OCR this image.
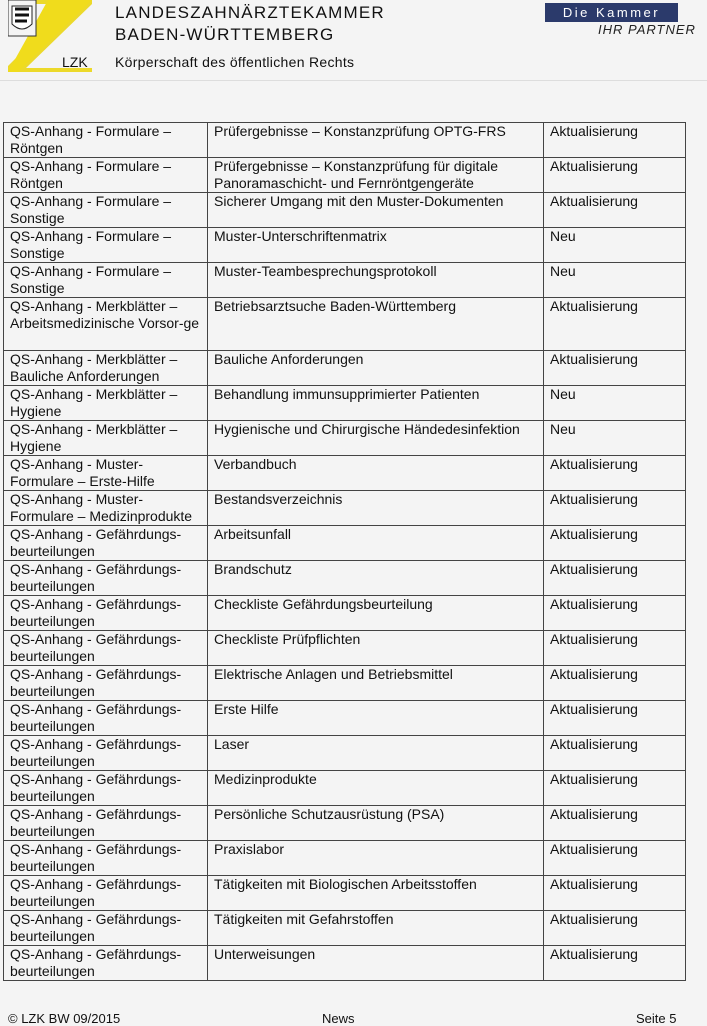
LZK
LANDESZAHNÄRZTEKAMMER
BADEN-WÜRTTEMBERG
Körperschaft des öffentlichen Rechts
Die Kammer
IHR PARTNER
QS-Anhang - Formulare – Röntgen	Prüfergebnisse – Konstanzprüfung OPTG-FRS	Aktualisierung
QS-Anhang - Formulare – Röntgen	Prüfergebnisse – Konstanzprüfung für digitale Panoramaschicht- und Fernröntgengeräte	Aktualisierung
QS-Anhang - Formulare – Sonstige	Sicherer Umgang mit den Muster-Dokumenten	Aktualisierung
QS-Anhang - Formulare – Sonstige	Muster-Unterschriftenmatrix	Neu
QS-Anhang - Formulare – Sonstige	Muster-Teambesprechungsprotokoll	Neu
QS-Anhang - Merkblätter – Arbeitsmedizinische Vorsor-ge	Betriebsarztsuche Baden-Württemberg	Aktualisierung
QS-Anhang - Merkblätter – Bauliche Anforderungen	Bauliche Anforderungen	Aktualisierung
QS-Anhang - Merkblätter – Hygiene	Behandlung immunsupprimierter Patienten	Neu
QS-Anhang - Merkblätter – Hygiene	Hygienische und Chirurgische Händedesinfektion	Neu
QS-Anhang - Muster-Formulare – Erste-Hilfe	Verbandbuch	Aktualisierung
QS-Anhang - Muster-Formulare – Medizinprodukte	Bestandsverzeichnis	Aktualisierung
QS-Anhang - Gefährdungs-beurteilungen	Arbeitsunfall	Aktualisierung
QS-Anhang - Gefährdungs-beurteilungen	Brandschutz	Aktualisierung
QS-Anhang - Gefährdungs-beurteilungen	Checkliste Gefährdungsbeurteilung	Aktualisierung
QS-Anhang - Gefährdungs-beurteilungen	Checkliste Prüfpflichten	Aktualisierung
QS-Anhang - Gefährdungs-beurteilungen	Elektrische Anlagen und Betriebsmittel	Aktualisierung
QS-Anhang - Gefährdungs-beurteilungen	Erste Hilfe	Aktualisierung
QS-Anhang - Gefährdungs-beurteilungen	Laser	Aktualisierung
QS-Anhang - Gefährdungs-beurteilungen	Medizinprodukte	Aktualisierung
QS-Anhang - Gefährdungs-beurteilungen	Persönliche Schutzausrüstung (PSA)	Aktualisierung
QS-Anhang - Gefährdungs-beurteilungen	Praxislabor	Aktualisierung
QS-Anhang - Gefährdungs-beurteilungen	Tätigkeiten mit Biologischen Arbeitsstoffen	Aktualisierung
QS-Anhang - Gefährdungs-beurteilungen	Tätigkeiten mit Gefahrstoffen	Aktualisierung
QS-Anhang - Gefährdungs-beurteilungen	Unterweisungen	Aktualisierung
© LZK BW 09/2015	News	Seite 5
